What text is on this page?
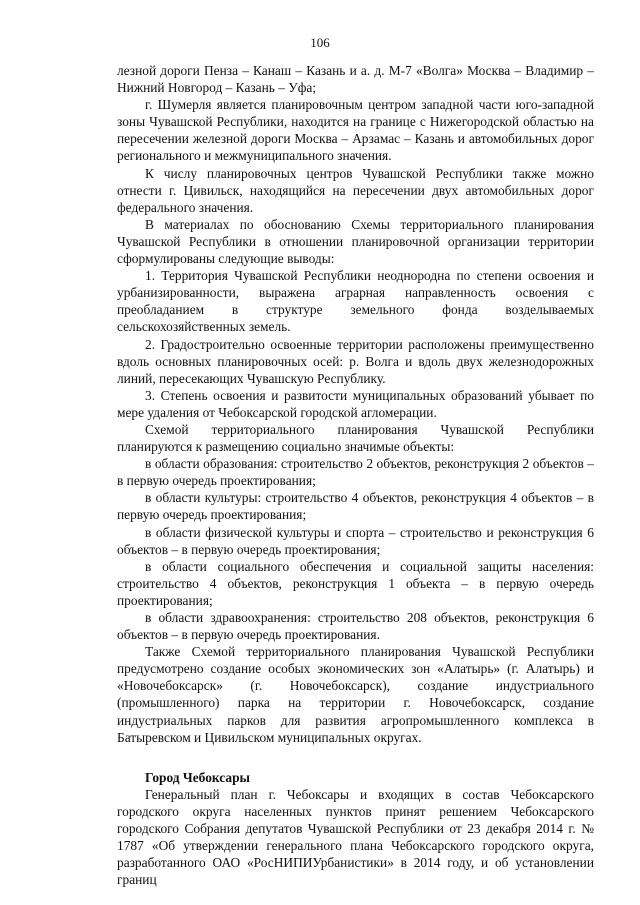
106

лезной дороги Пенза – Канаш – Казань и а. д. М-7 «Волга» Москва – Владимир – Нижний Новгород – Казань – Уфа;

г. Шумерля является планировочным центром западной части юго-западной зоны Чувашской Республики, находится на границе с Нижегородской областью на пересечении железной дороги Москва – Арзамас – Казань и автомобильных дорог регионального и межмуниципального значения.

К числу планировочных центров Чувашской Республики также можно отнести г. Цивильск, находящийся на пересечении двух автомобильных дорог федерального значения.

В материалах по обоснованию Схемы территориального планирования Чувашской Республики в отношении планировочной организации территории сформулированы следующие выводы:

1. Территория Чувашской Республики неоднородна по степени освоения и урбанизированности, выражена аграрная направленность освоения с преобладанием в структуре земельного фонда возделываемых сельскохозяйственных земель.

2. Градостроительно освоенные территории расположены преимущественно вдоль основных планировочных осей: р. Волга и вдоль двух железнодорожных линий, пересекающих Чувашскую Республику.

3. Степень освоения и развитости муниципальных образований убывает по мере удаления от Чебоксарской городской агломерации.

Схемой территориального планирования Чувашской Республики планируются к размещению социально значимые объекты:

в области образования: строительство 2 объектов, реконструкция 2 объектов – в первую очередь проектирования;

в области культуры: строительство 4 объектов, реконструкция 4 объектов – в первую очередь проектирования;

в области физической культуры и спорта – строительство и реконструкция 6 объектов – в первую очередь проектирования;

в области социального обеспечения и социальной защиты населения: строительство 4 объектов, реконструкция 1 объекта – в первую очередь проектирования;

в области здравоохранения: строительство 208 объектов, реконструкция 6 объектов – в первую очередь проектирования.

Также Схемой территориального планирования Чувашской Республики предусмотрено создание особых экономических зон «Алатырь» (г. Алатырь) и «Новочебоксарск» (г. Новочебоксарск), создание индустриального (промышленного) парка на территории г. Новочебоксарск, создание индустриальных парков для развития агропромышленного комплекса в Батыревском и Цивильском муниципальных округах.

Город Чебоксары

Генеральный план г. Чебоксары и входящих в состав Чебоксарского городского округа населенных пунктов принят решением Чебоксарского городского Собрания депутатов Чувашской Республики от 23 декабря 2014 г. № 1787 «Об утверждении генерального плана Чебоксарского городского округа, разработанного ОАО «РосНИПИУрбанистики» в 2014 году, и об установлении границ
